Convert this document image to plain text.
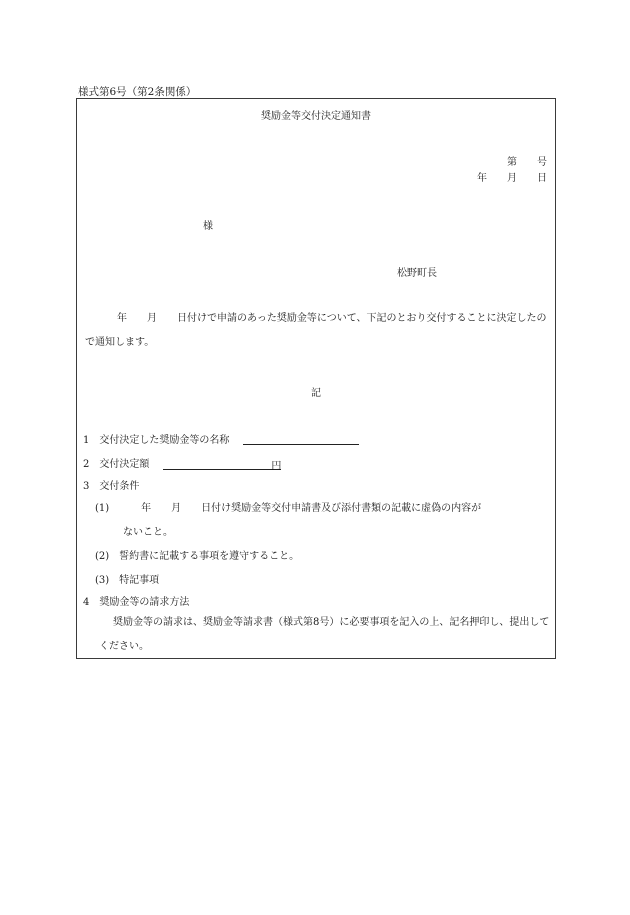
様式第6号（第2条関係）
奨励金等交付決定通知書
第　　号
年　　月　　日
様
松野町長
年　　月　　日付けで申請のあった奨励金等について、下記のとおり交付することに決定したので通知します。
記
1　交付決定した奨励金等の名称
2　交付決定額	円
3　交付条件
(1)	年　　月　　日付け奨励金等交付申請書及び添付書類の記載に虚偽の内容が
ないこと。
(2)　誓約書に記載する事項を遵守すること。
(3)　特記事項
4　奨励金等の請求方法
奨励金等の請求は、奨励金等請求書（様式第8号）に必要事項を記入の上、記名押印し、提出してください。
